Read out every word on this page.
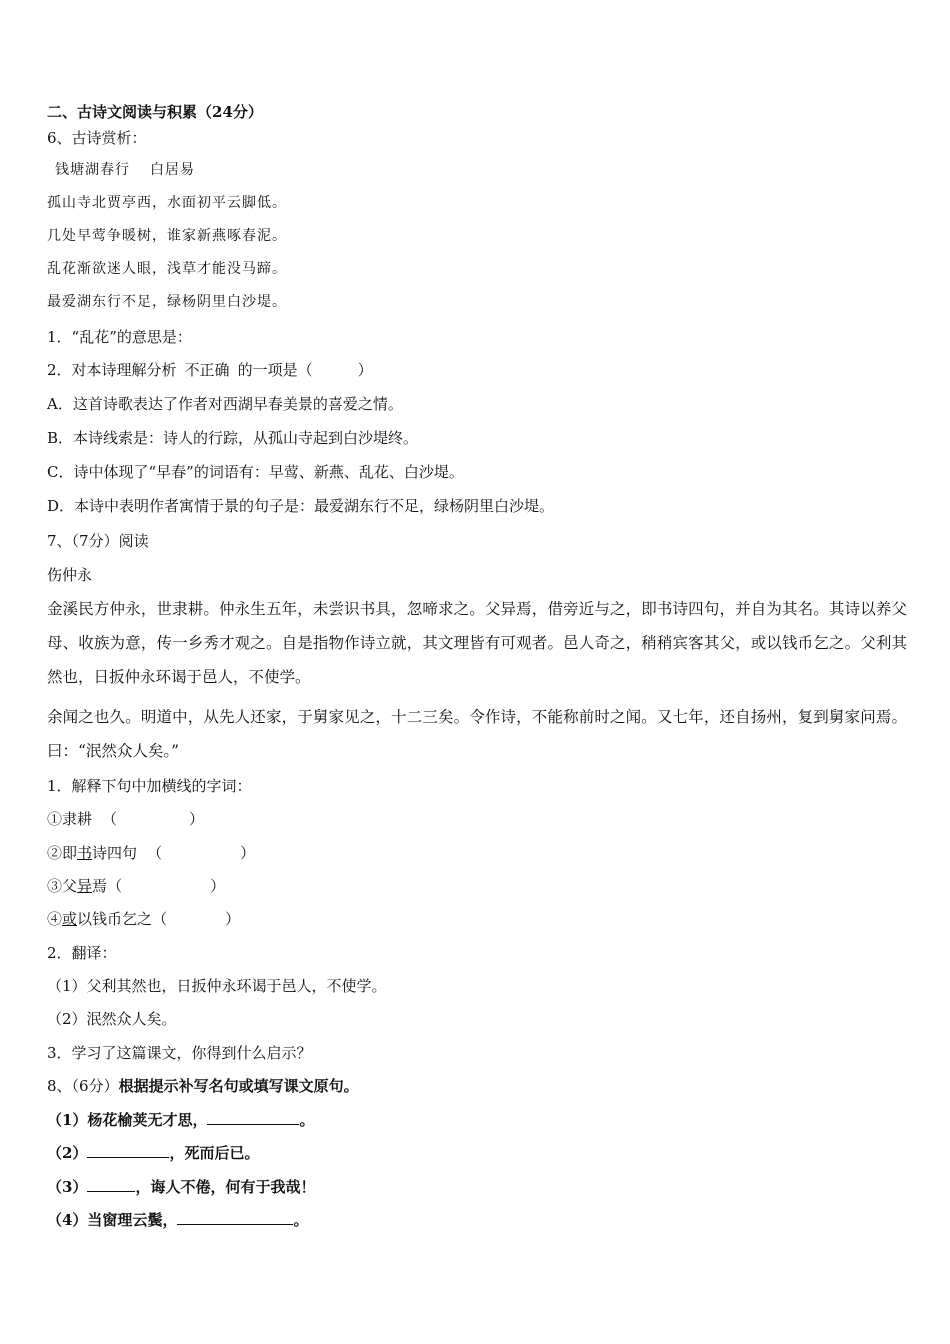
二、古诗文阅读与积累（24分）
6、古诗赏析：
钱塘湖春行 白居易
孤山寺北贾亭西，水面初平云脚低。
几处早莺争暖树，谁家新燕啄春泥。
乱花渐欲迷人眼，浅草才能没马蹄。
最爱湖东行不足，绿杨阴里白沙堤。
1．“乱花”的意思是：
2．对本诗理解分析 不正确 的一项是（　　　）
A．这首诗歌表达了作者对西湖早春美景的喜爱之情。
B．本诗线索是：诗人的行踪，从孤山寺起到白沙堤终。
C．诗中体现了“早春”的词语有：早莺、新燕、乱花、白沙堤。
D．本诗中表明作者寓情于景的句子是：最爱湖东行不足，绿杨阴里白沙堤。
7、（7分）阅读
伤仲永
金溪民方仲永，世隶耕。仲永生五年，未尝识书具，忽啼求之。父异焉，借旁近与之，即书诗四句，并自为其名。其诗以养父母、收族为意，传一乡秀才观之。自是指物作诗立就，其文理皆有可观者。邑人奇之，稍稍宾客其父，或以钱币乞之。父利其然也，日扳仲永环谒于邑人，不使学。
余闻之也久。明道中，从先人还家，于舅家见之，十二三矣。令作诗，不能称前时之闻。又七年，还自扬州，复到舅家问焉。曰：“泯然众人矣。”
1．解释下句中加横线的字词：
①隶耕 （	）
②即书诗四句 （	）
③父异焉（	）
④或以钱币乞之（	）
2．翻译：
（1）父利其然也，日扳仲永环谒于邑人，不使学。
（2）泯然众人矣。
3．学习了这篇课文，你得到什么启示？
8、（6分）根据提示补写名句或填写课文原句。
（1）杨花榆荚无才思，	。
（2）	，死而后已。
（3）	，诲人不倦，何有于我哉！
（4）当窗理云鬓，	。
